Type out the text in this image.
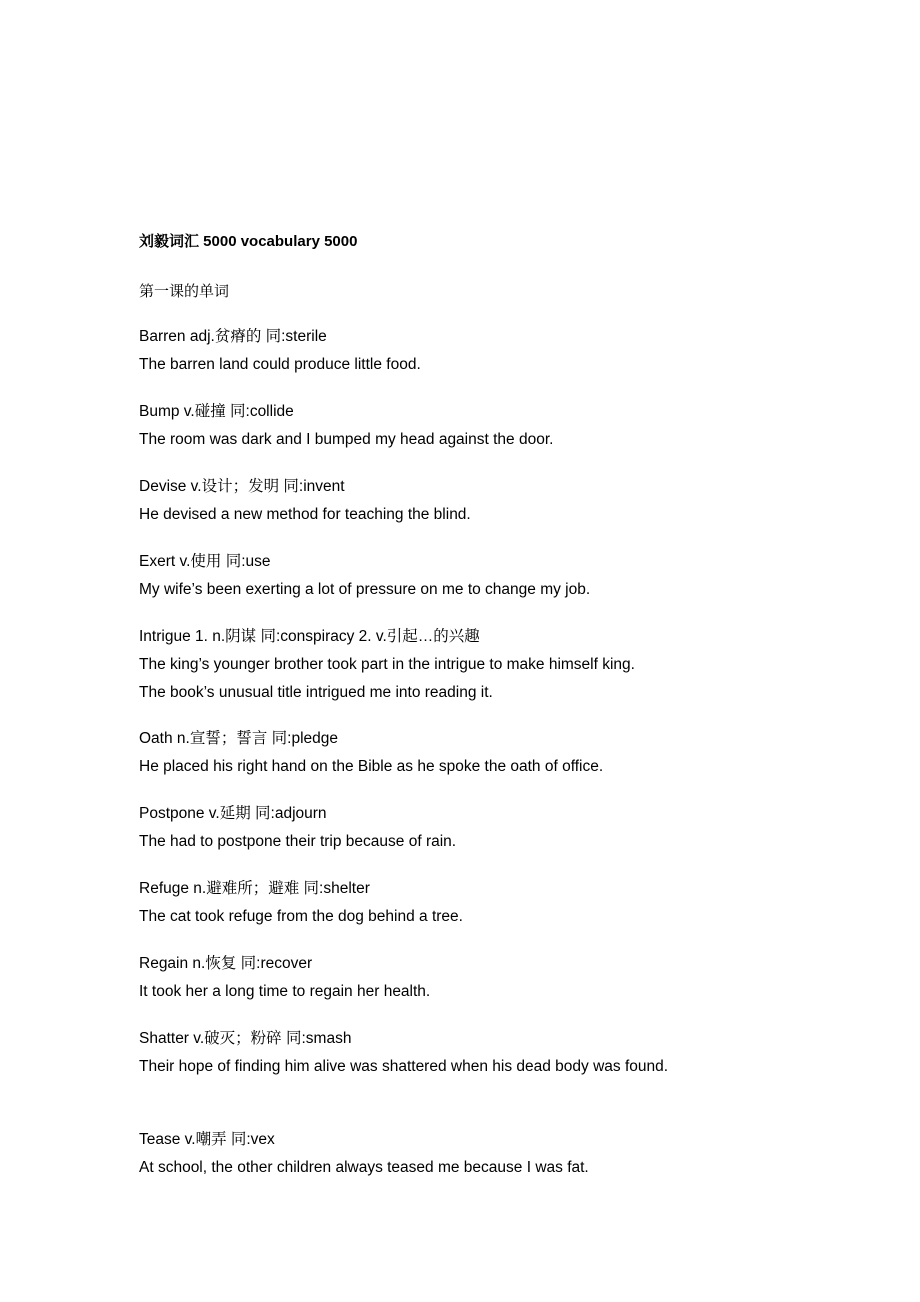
刘毅词汇 5000 vocabulary 5000
第一课的单词
Barren adj.贫瘠的 同:sterile
The barren land could produce little food.
Bump v.碰撞 同:collide
The room was dark and I bumped my head against the door.
Devise v.设计；发明 同:invent
He devised a new method for teaching the blind.
Exert v.使用 同:use
My wife’s been exerting a lot of pressure on me to change my job.
Intrigue 1. n.阴谋 同:conspiracy 2. v.引起…的兴趣
The king’s younger brother took part in the intrigue to make himself king.
The book’s unusual title intrigued me into reading it.
Oath n.宣誓；誓言 同:pledge
He placed his right hand on the Bible as he spoke the oath of office.
Postpone v.延期 同:adjourn
The had to postpone their trip because of rain.
Refuge n.避难所；避难 同:shelter
The cat took refuge from the dog behind a tree.
Regain n.恢复 同:recover
It took her a long time to regain her health.
Shatter v.破灭；粉碎 同:smash
Their hope of finding him alive was shattered when his dead body was found.
Tease v.嘲弄 同:vex
At school, the other children always teased me because I was fat.
